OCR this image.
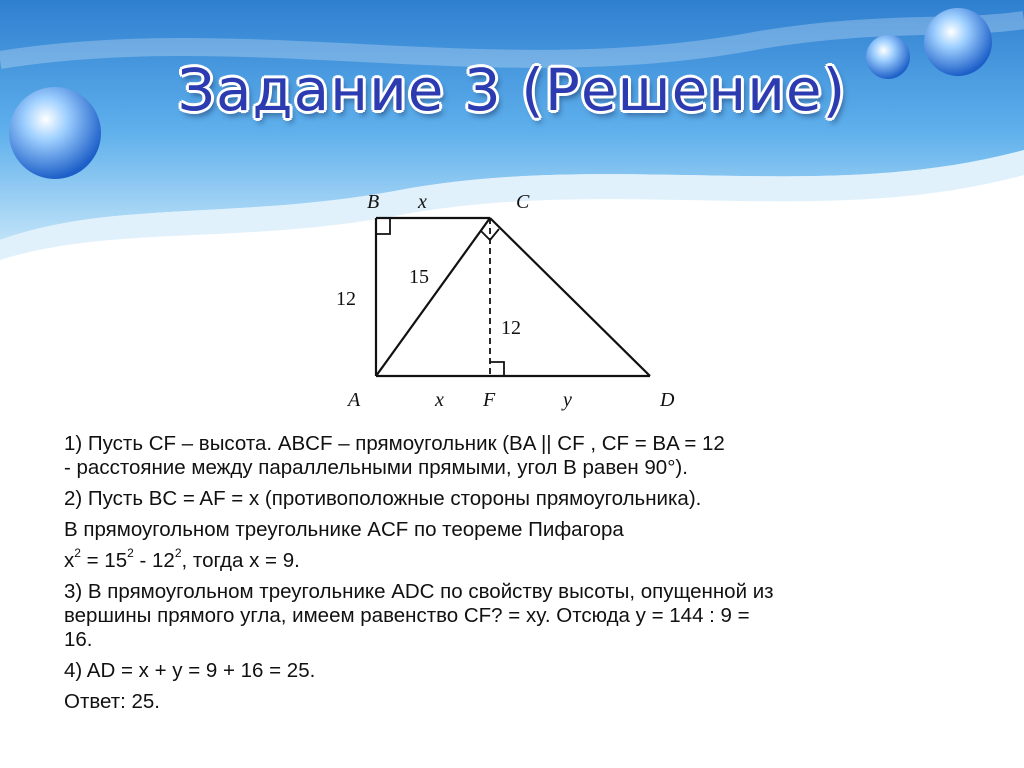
Задание 3 (Решение)
B	C
A	F	D
x
x	y
12
15
12

1) Пусть CF – высота. ABCF – прямоугольник (BA || CF , CF = BA = 12

- расстояние между параллельными прямыми, угол B равен 90°).

2) Пусть BC = AF = x (противоположные стороны прямоугольника).

В прямоугольном треугольнике ACF по теореме Пифагора

$x^2 = 15^2 - 12^2$, тогда x = 9.

3) В прямоугольном треугольнике ADC по свойству высоты, опущенной из

вершины прямого угла, имеем равенство CF? = xy. Отсюда y = 144 : 9 =

16.

4) AD = x + y = 9 + 16 = 25.

Ответ: 25.
